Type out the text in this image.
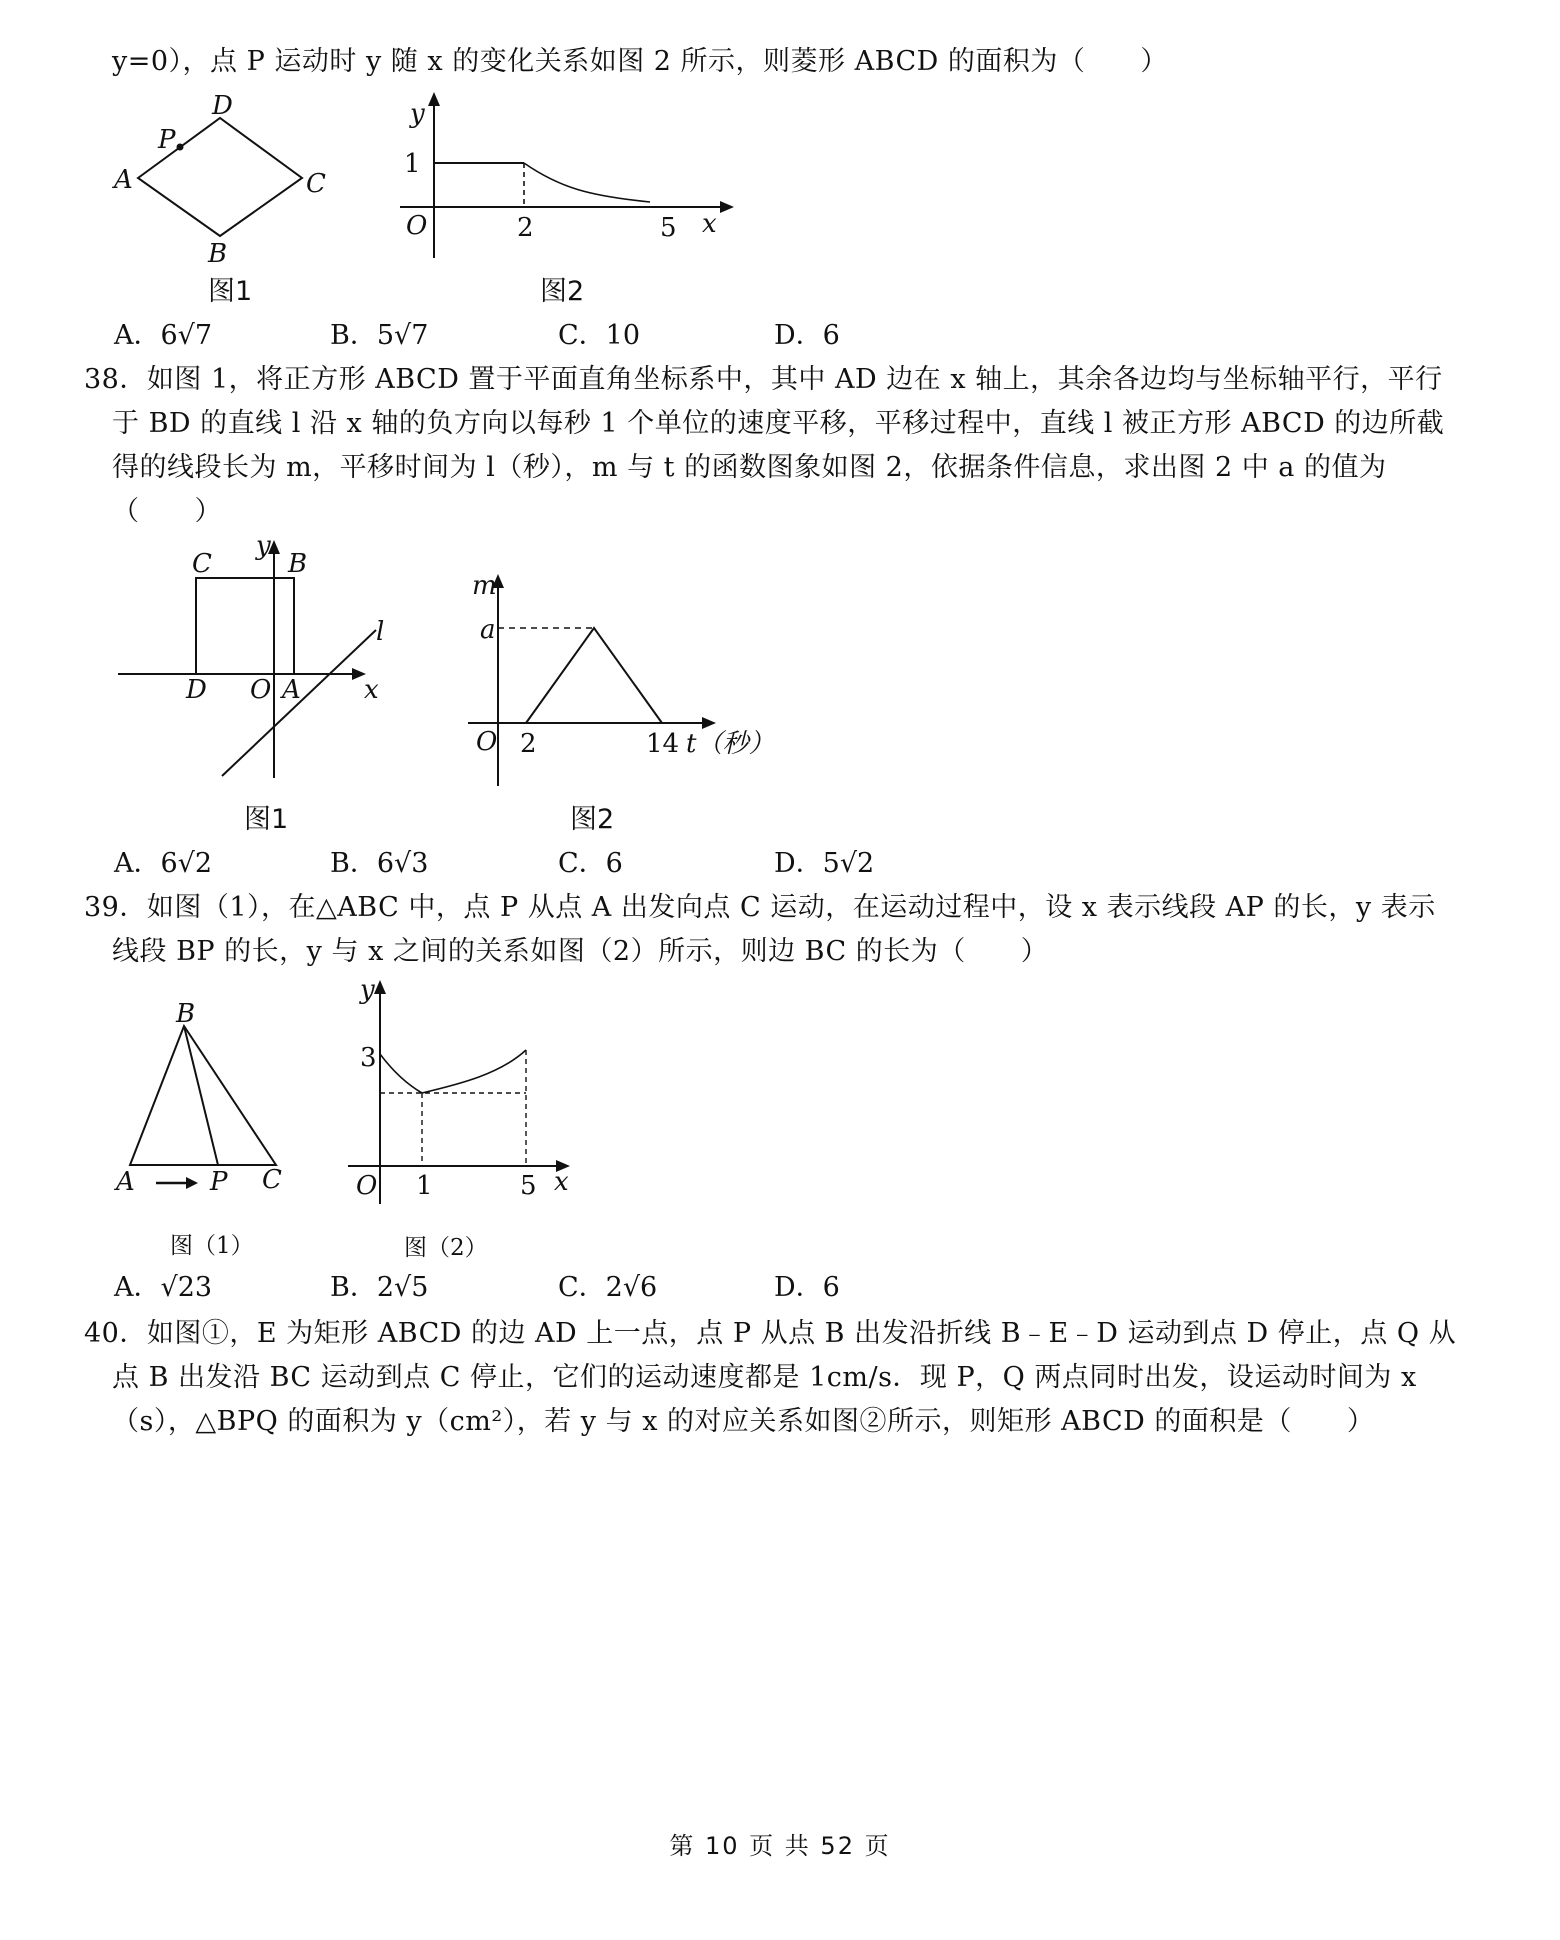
y=0），点 P 运动时 y 随 x 的变化关系如图 2 所示，则菱形 ABCD 的面积为（　　）
D
P
A	C
B
图1
y
1
O	2	5 x
图2
A．6√7	B．5√7	C．10	D．6
38．如图 1，将正方形 ABCD 置于平面直角坐标系中，其中 AD 边在 x 轴上，其余各边均与坐标轴平行，平行
于 BD 的直线 l 沿 x 轴的负方向以每秒 1 个单位的速度平移，平移过程中，直线 l 被正方形 ABCD 的边所截
得的线段长为 m，平移时间为 l（秒），m 与 t 的函数图象如图 2，依据条件信息，求出图 2 中 a 的值为
（　　）
C
y
B
l
D O A x
图1
m
a
O 2	14 t（秒）
图2
A．6√2	B．6√3	C．6	D．5√2
39．如图（1），在△ABC 中，点 P 从点 A 出发向点 C 运动，在运动过程中，设 x 表示线段 AP 的长，y 表示
线段 BP 的长，y 与 x 之间的关系如图（2）所示，则边 BC 的长为（　　）
B
A	P C
图（1）
y
3
O 1	5 x
图（2）
A．√23	B．2√5	C．2√6	D．6
40．如图①，E 为矩形 ABCD 的边 AD 上一点，点 P 从点 B 出发沿折线 B﹣E﹣D 运动到点 D 停止，点 Q 从
点 B 出发沿 BC 运动到点 C 停止，它们的运动速度都是 1cm/s．现 P，Q 两点同时出发，设运动时间为 x
（s），△BPQ 的面积为 y（cm²），若 y 与 x 的对应关系如图②所示，则矩形 ABCD 的面积是（　　）
第 10 页 共 52 页
